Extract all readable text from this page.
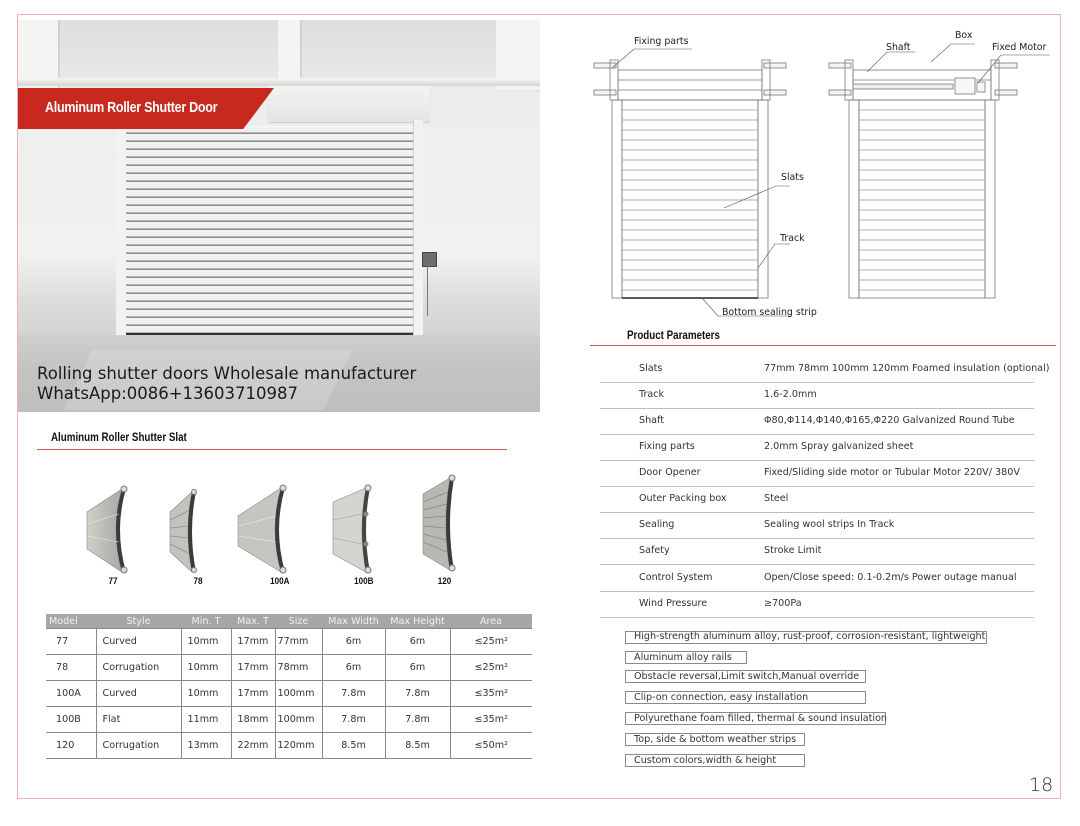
Aluminum Roller Shutter Door
Rolling shutter doors Wholesale manufacturer
WhatsApp:0086+13603710987
Aluminum Roller Shutter Slat
77	78	100A	100B	120
Model	Style	Min. T	Max. T	Size	Max Width	Max Height	Area
77	Curved	10mm	17mm	77mm	6m	6m	≤25m²
78	Corrugation	10mm	17mm	78mm	6m	6m	≤25m²
100A	Curved	10mm	17mm	100mm	7.8m	7.8m	≤35m²
100B	Flat	11mm	18mm	100mm	7.8m	7.8m	≤35m²
120	Corrugation	13mm	22mm	120mm	8.5m	8.5m	≤50m²
Fixing parts
Slats
Track
Bottom sealing strip
Shaft
Box
Fixed Motor
Product Parameters
Slats	77mm 78mm 100mm 120mm Foamed insulation (optional)
Track	1.6-2.0mm
Shaft	Φ80,Φ114,Φ140,Φ165,Φ220 Galvanized Round Tube
Fixing parts	2.0mm Spray galvanized sheet
Door Opener	Fixed/Sliding side motor or Tubular Motor 220V/ 380V
Outer Packing box	Steel
Sealing	Sealing wool strips In Track
Safety	Stroke Limit
Control System	Open/Close speed: 0.1-0.2m/s Power outage manual
Wind Pressure	≥700Pa
High-strength aluminum alloy, rust-proof, corrosion-resistant, lightweight
Aluminum alloy rails
Obstacle reversal,Limit switch,Manual override
Clip-on connection, easy installation
Polyurethane foam filled, thermal & sound insulation
Top, side & bottom weather strips
Custom colors,width & height
18
